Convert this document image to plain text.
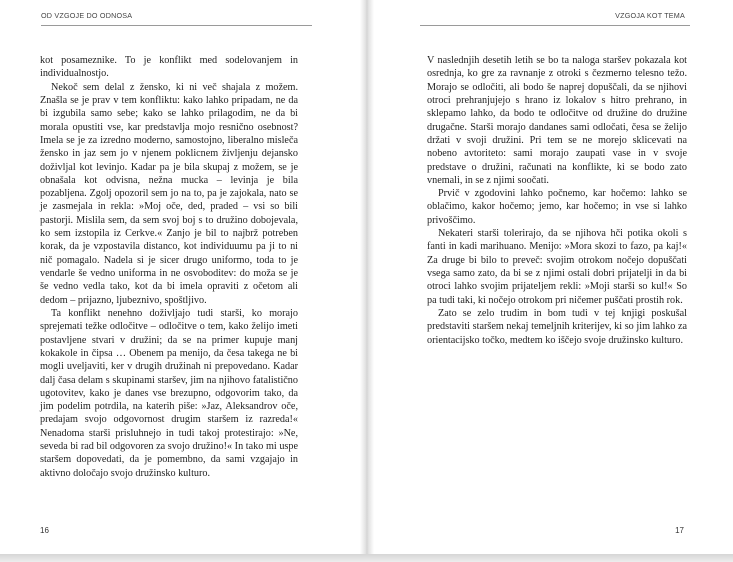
OD VZGOJE DO ODNOSA

kot posameznike. To je konflikt med sodelovanjem in individualnostjo.

Nekoč sem delal z žensko, ki ni več shajala z možem. Znašla se je prav v tem konfliktu: kako lahko pripadam, ne da bi izgubila samo sebe; kako se lahko prilagodim, ne da bi morala opustiti vse, kar predstavlja mojo resnično osebnost? Imela se je za izredno moderno, samostojno, liberalno misleča žensko in jaz sem jo v njenem poklicnem življenju dejansko doživljal kot levinjo. Kadar pa je bila skupaj z možem, se je obnašala kot odvisna, nežna mucka – levinja je bila pozabljena. Zgolj opozoril sem jo na to, pa je zajokala, nato se je zasmejala in rekla: »Moj oče, ded, praded – vsi so bili pastorji. Mislila sem, da sem svoj boj s to družino dobojevala, ko sem izstopila iz Cerkve.« Zanjo je bil to najbrž potreben korak, da je vzpostavila distanco, kot individuumu pa ji to ni nič pomagalo. Nadela si je sicer drugo uniformo, toda to je vendarle še vedno uniforma in ne osvoboditev: do moža se je še vedno vedla tako, kot da bi imela opraviti z očetom ali dedom – prijazno, ljubeznivo, spoštljivo.

Ta konflikt nenehno doživljajo tudi starši, ko morajo sprejemati težke odločitve – odločitve o tem, kako želijo imeti postavljene stvari v družini; da se na primer kupuje manj kokakole in čipsa … Obenem pa menijo, da česa takega ne bi mogli uveljaviti, ker v drugih družinah ni prepovedano. Kadar dalj časa delam s skupinami staršev, jim na njihovo fatalistično ugotovitev, kako je danes vse brezupno, odgovorim tako, da jim podelim potrdila, na katerih piše: »Jaz, Aleksandrov oče, predajam svojo odgovornost drugim staršem iz razreda!« Nenadoma starši prisluhnejo in tudi takoj protestirajo: »Ne, seveda bi rad bil odgovoren za svojo družino!« In tako mi uspe staršem dopovedati, da je pomembno, da sami vzgajajo in aktivno določajo svojo družinsko kulturo.

16
VZGOJA KOT TEMA

V naslednjih desetih letih se bo ta naloga staršev pokazala kot osrednja, ko gre za ravnanje z otroki s čezmerno telesno težo. Morajo se odločiti, ali bodo še naprej dopuščali, da se njihovi otroci prehranjujejo s hrano iz lokalov s hitro prehrano, in sklepamo lahko, da bodo te odločitve od družine do družine drugačne. Starši morajo dandanes sami odločati, česa se želijo držati v svoji družini. Pri tem se ne morejo sklicevati na nobeno avtoriteto: sami morajo zaupati vase in v svoje predstave o družini, računati na konflikte, ki se bodo zato vnemali, in se z njimi soočati.

Prvič v zgodovini lahko počnemo, kar hočemo: lahko se oblačimo, kakor hočemo; jemo, kar hočemo; in vse si lahko privoščimo.

Nekateri starši tolerirajo, da se njihova hči potika okoli s fanti in kadi marihuano. Menijo: »Mora skozi to fazo, pa kaj!« Za druge bi bilo to preveč: svojim otrokom nočejo dopuščati vsega samo zato, da bi se z njimi ostali dobri prijatelji in da bi otroci lahko svojim prijateljem rekli: »Moji starši so kul!« So pa tudi taki, ki nočejo otrokom pri ničemer puščati prostih rok.

Zato se zelo trudim in bom tudi v tej knjigi poskušal predstaviti staršem nekaj temeljnih kriterijev, ki so jim lahko za orientacijsko točko, medtem ko iščejo svoje družinsko kulturo.

17
